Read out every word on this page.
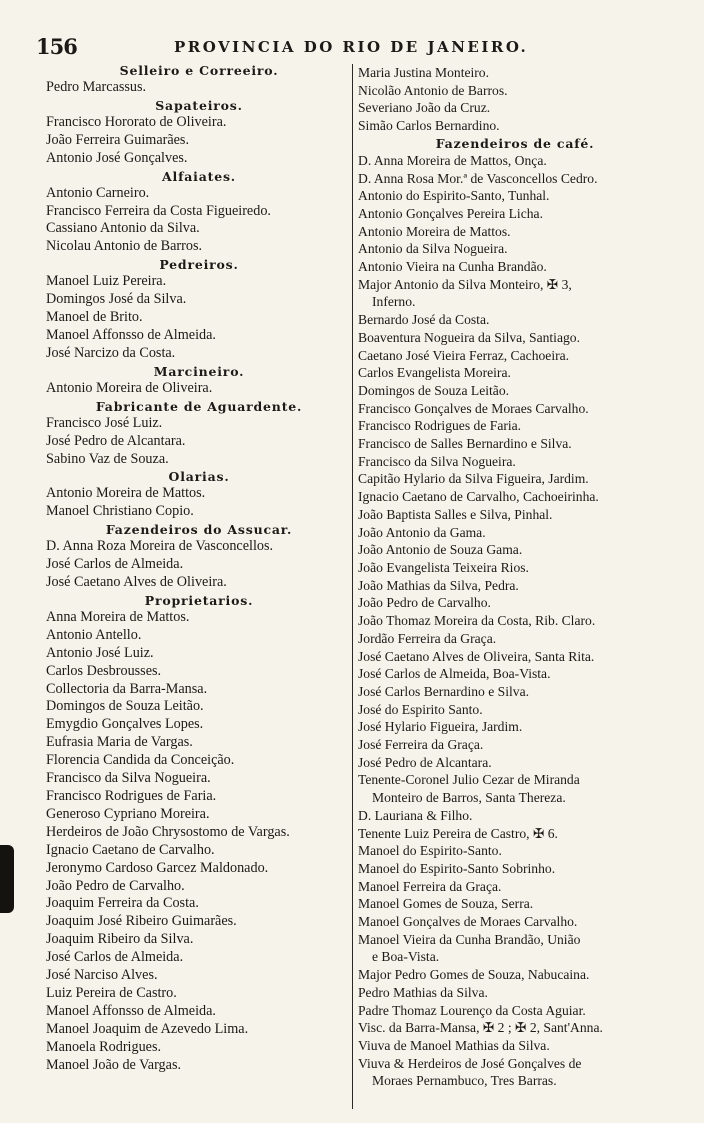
156	PROVINCIA DO RIO DE JANEIRO.
Selleiro e Correeiro.
Pedro Marcassus.
Sapateiros.
Francisco Hororato de Oliveira.
João Ferreira Guimarães.
Antonio José Gonçalves.
Alfaiates.
Antonio Carneiro.
Francisco Ferreira da Costa Figueiredo.
Cassiano Antonio da Silva.
Nicolau Antonio de Barros.
Pedreiros.
Manoel Luiz Pereira.
Domingos José da Silva.
Manoel de Brito.
Manoel Affonsso de Almeida.
José Narcizo da Costa.
Marcineiro.
Antonio Moreira de Oliveira.
Fabricante de Aguardente.
Francisco José Luiz.
José Pedro de Alcantara.
Sabino Vaz de Souza.
Olarias.
Antonio Moreira de Mattos.
Manoel Christiano Copio.
Fazendeiros do Assucar.
D. Anna Roza Moreira de Vasconcellos.
José Carlos de Almeida.
José Caetano Alves de Oliveira.
Proprietarios.
Anna Moreira de Mattos.
Antonio Antello.
Antonio José Luiz.
Carlos Desbrousses.
Collectoria da Barra-Mansa.
Domingos de Souza Leitão.
Emygdio Gonçalves Lopes.
Eufrasia Maria de Vargas.
Florencia Candida da Conceição.
Francisco da Silva Nogueira.
Francisco Rodrigues de Faria.
Generoso Cypriano Moreira.
Herdeiros de João Chrysostomo de Vargas.
Ignacio Caetano de Carvalho.
Jeronymo Cardoso Garcez Maldonado.
João Pedro de Carvalho.
Joaquim Ferreira da Costa.
Joaquim José Ribeiro Guimarães.
Joaquim Ribeiro da Silva.
José Carlos de Almeida.
José Narciso Alves.
Luiz Pereira de Castro.
Manoel Affonsso de Almeida.
Manoel Joaquim de Azevedo Lima.
Manoela Rodrigues.
Manoel João de Vargas.
Maria Justina Monteiro.
Nicolão Antonio de Barros.
Severiano João da Cruz.
Simão Carlos Bernardino.
Fazendeiros de café.
D. Anna Moreira de Mattos, Onça.
D. Anna Rosa Mor.ª de Vasconcellos Cedro.
Antonio do Espirito-Santo, Tunhal.
Antonio Gonçalves Pereira Licha.
Antonio Moreira de Mattos.
Antonio da Silva Nogueira.
Antonio Vieira na Cunha Brandão.
Major Antonio da Silva Monteiro, ✠ 3,
Inferno.
Bernardo José da Costa.
Boaventura Nogueira da Silva, Santiago.
Caetano José Vieira Ferraz, Cachoeira.
Carlos Evangelista Moreira.
Domingos de Souza Leitão.
Francisco Gonçalves de Moraes Carvalho.
Francisco Rodrigues de Faria.
Francisco de Salles Bernardino e Silva.
Francisco da Silva Nogueira.
Capitão Hylario da Silva Figueira, Jardim.
Ignacio Caetano de Carvalho, Cachoeirinha.
João Baptista Salles e Silva, Pinhal.
João Antonio da Gama.
João Antonio de Souza Gama.
João Evangelista Teixeira Rios.
João Mathias da Silva, Pedra.
João Pedro de Carvalho.
João Thomaz Moreira da Costa, Rib. Claro.
Jordão Ferreira da Graça.
José Caetano Alves de Oliveira, Santa Rita.
José Carlos de Almeida, Boa-Vista.
José Carlos Bernardino e Silva.
José do Espirito Santo.
José Hylario Figueira, Jardim.
José Ferreira da Graça.
José Pedro de Alcantara.
Tenente-Coronel Julio Cezar de Miranda
Monteiro de Barros, Santa Thereza.
D. Lauriana & Filho.
Tenente Luiz Pereira de Castro, ✠ 6.
Manoel do Espirito-Santo.
Manoel do Espirito-Santo Sobrinho.
Manoel Ferreira da Graça.
Manoel Gomes de Souza, Serra.
Manoel Gonçalves de Moraes Carvalho.
Manoel Vieira da Cunha Brandão, União
e Boa-Vista.
Major Pedro Gomes de Souza, Nabucaina.
Pedro Mathias da Silva.
Padre Thomaz Lourenço da Costa Aguiar.
Visc. da Barra-Mansa, ✠ 2 ; ✠ 2, Sant'Anna.
Viuva de Manoel Mathias da Silva.
Viuva & Herdeiros de José Gonçalves de
Moraes Pernambuco, Tres Barras.
